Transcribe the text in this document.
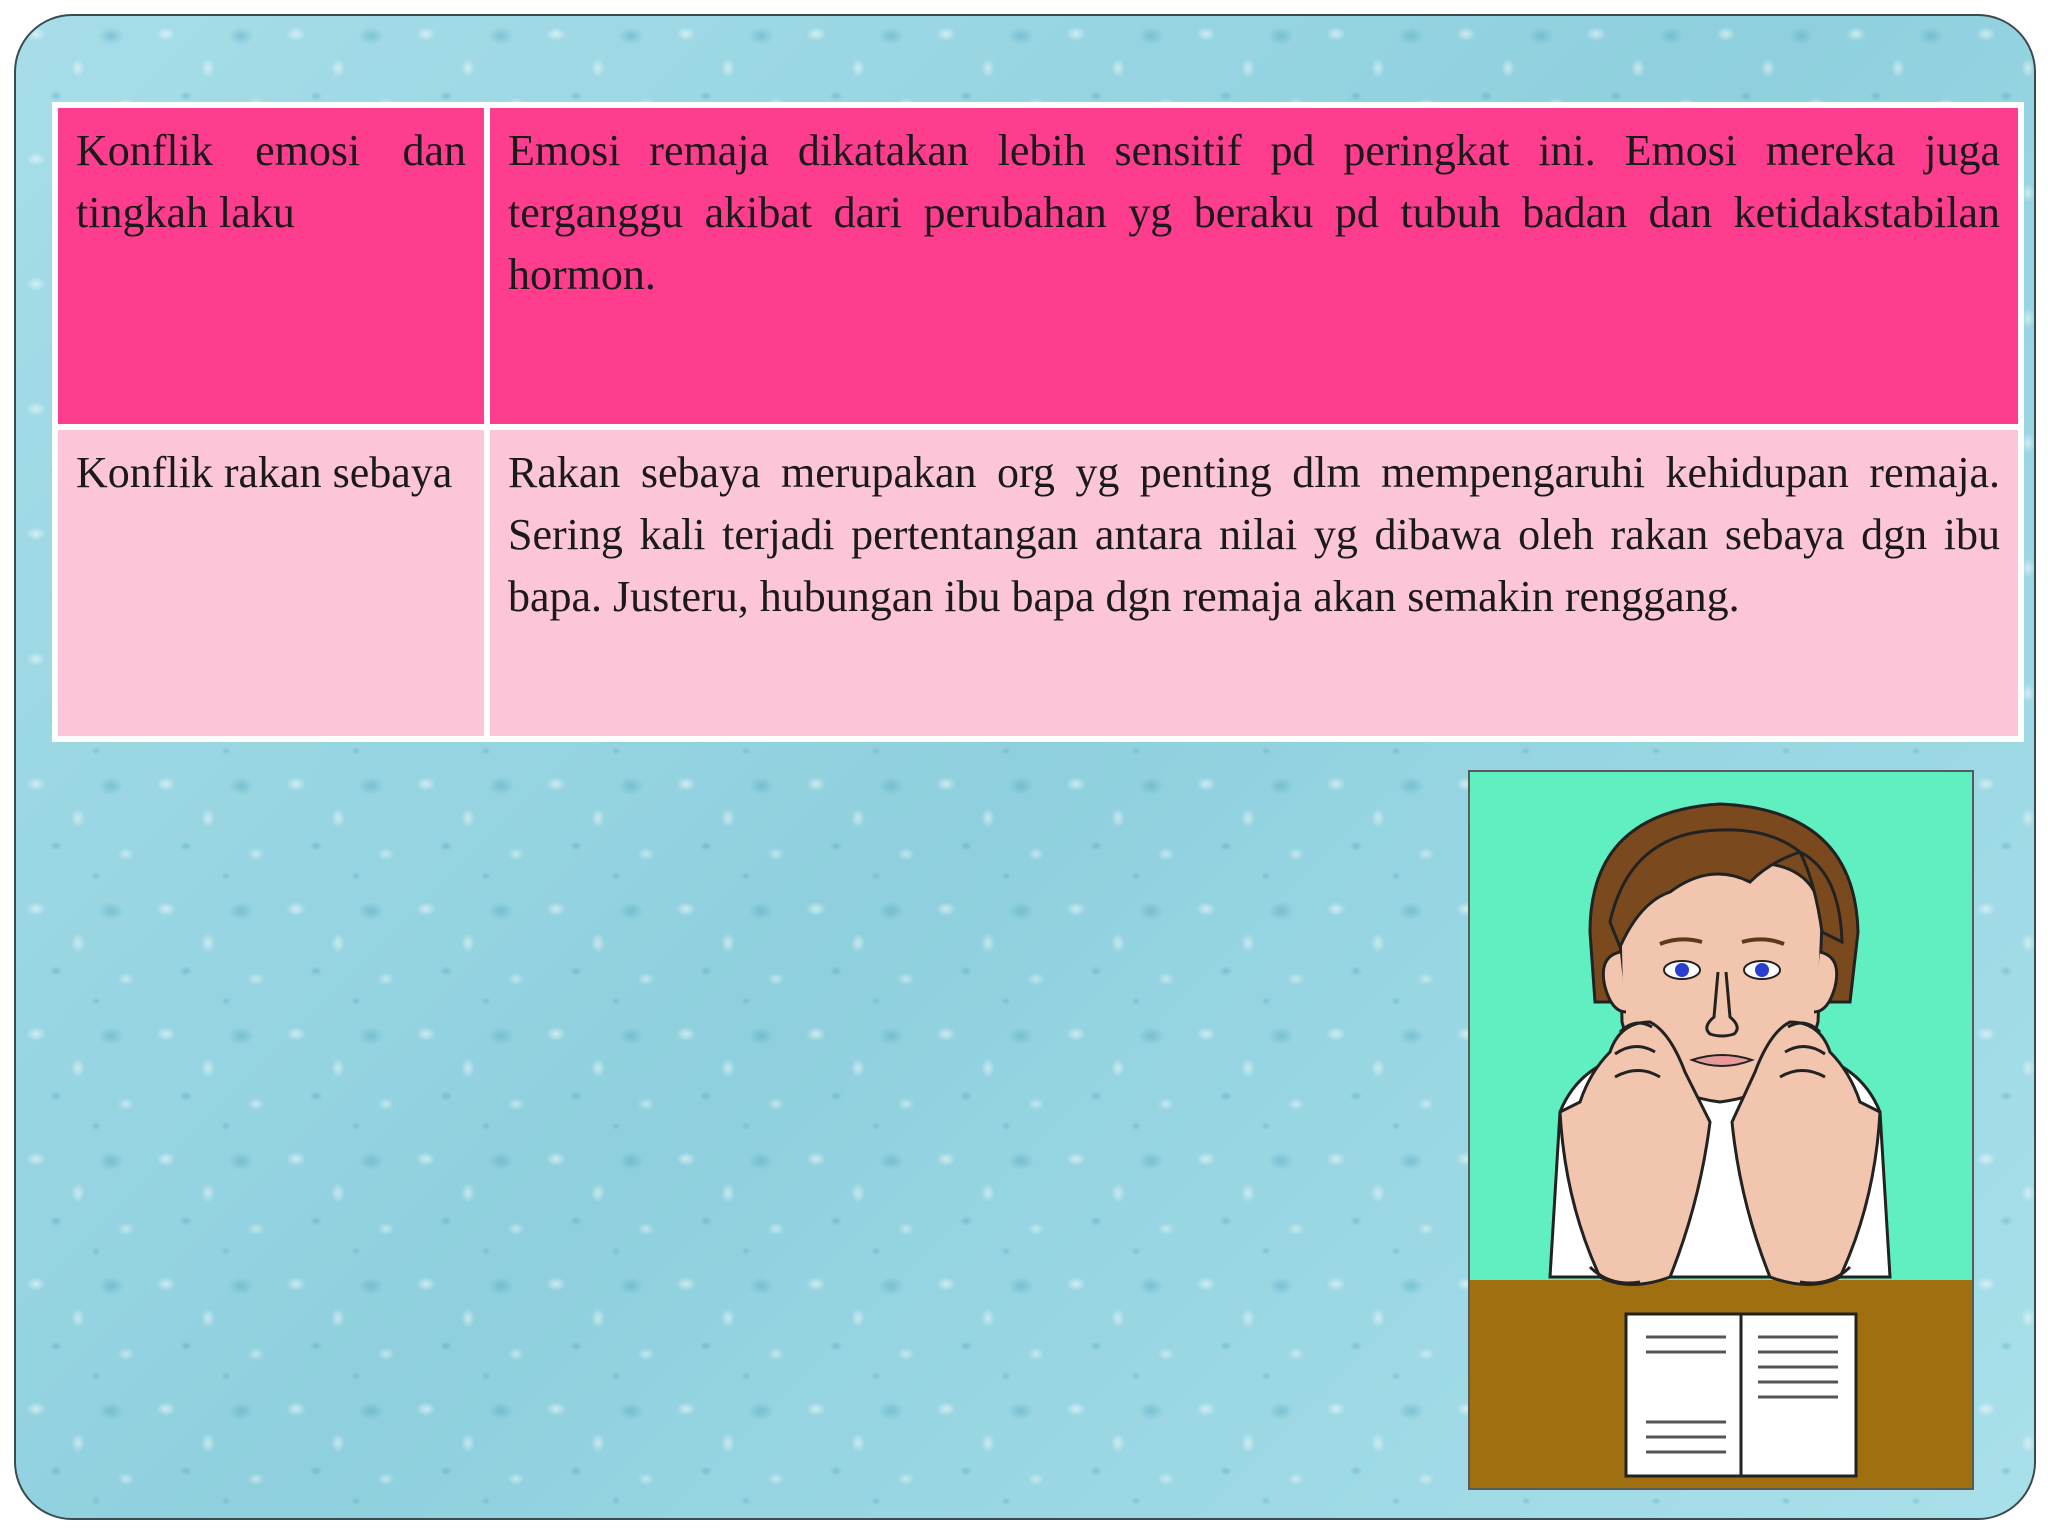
Konflik emosi dan tingkah laku	Emosi remaja dikatakan lebih sensitif pd peringkat ini. Emosi mereka juga terganggu akibat dari perubahan yg beraku pd tubuh badan dan ketidakstabilan hormon.
Konflik rakan sebaya	Rakan sebaya merupakan org yg penting dlm mempengaruhi kehidupan remaja. Sering kali terjadi pertentangan antara nilai yg dibawa oleh rakan sebaya dgn ibu bapa. Justeru, hubungan ibu bapa dgn remaja akan semakin renggang.
